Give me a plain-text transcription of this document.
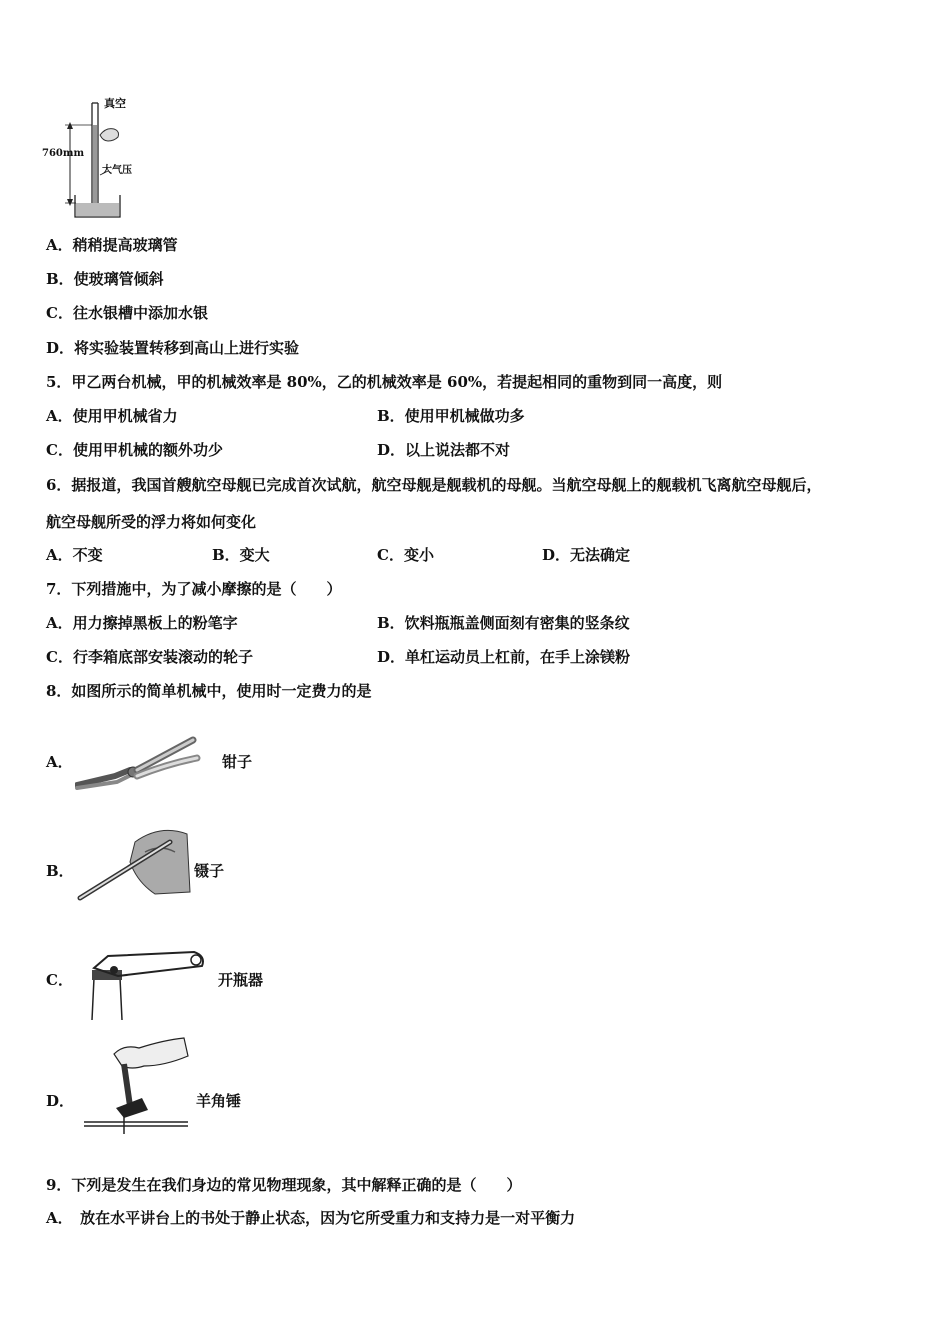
真空
760mm
大气压
A．稍稍提高玻璃管
B．使玻璃管倾斜
C．往水银槽中添加水银
D．将实验装置转移到高山上进行实验
5．甲乙两台机械，甲的机械效率是 80%，乙的机械效率是 60%，若提起相同的重物到同一高度，则
A．使用甲机械省力	B．使用甲机械做功多
C．使用甲机械的额外功少	D．以上说法都不对
6．据报道，我国首艘航空母舰已完成首次试航，航空母舰是舰载机的母舰。当航空母舰上的舰载机飞离航空母舰后，
航空母舰所受的浮力将如何变化
A．不变	B．变大	C．变小	D．无法确定
7．下列措施中，为了减小摩擦的是（　　）
A．用力擦掉黑板上的粉笔字	B．饮料瓶瓶盖侧面刻有密集的竖条纹
C．行李箱底部安装滚动的轮子	D．单杠运动员上杠前，在手上涂镁粉
8．如图所示的简单机械中，使用时一定费力的是
A．	钳子
B．	镊子
C．	开瓶器
D．	羊角锤
9．下列是发生在我们身边的常见物理现象，其中解释正确的是（　　）
A．　放在水平讲台上的书处于静止状态，因为它所受重力和支持力是一对平衡力
